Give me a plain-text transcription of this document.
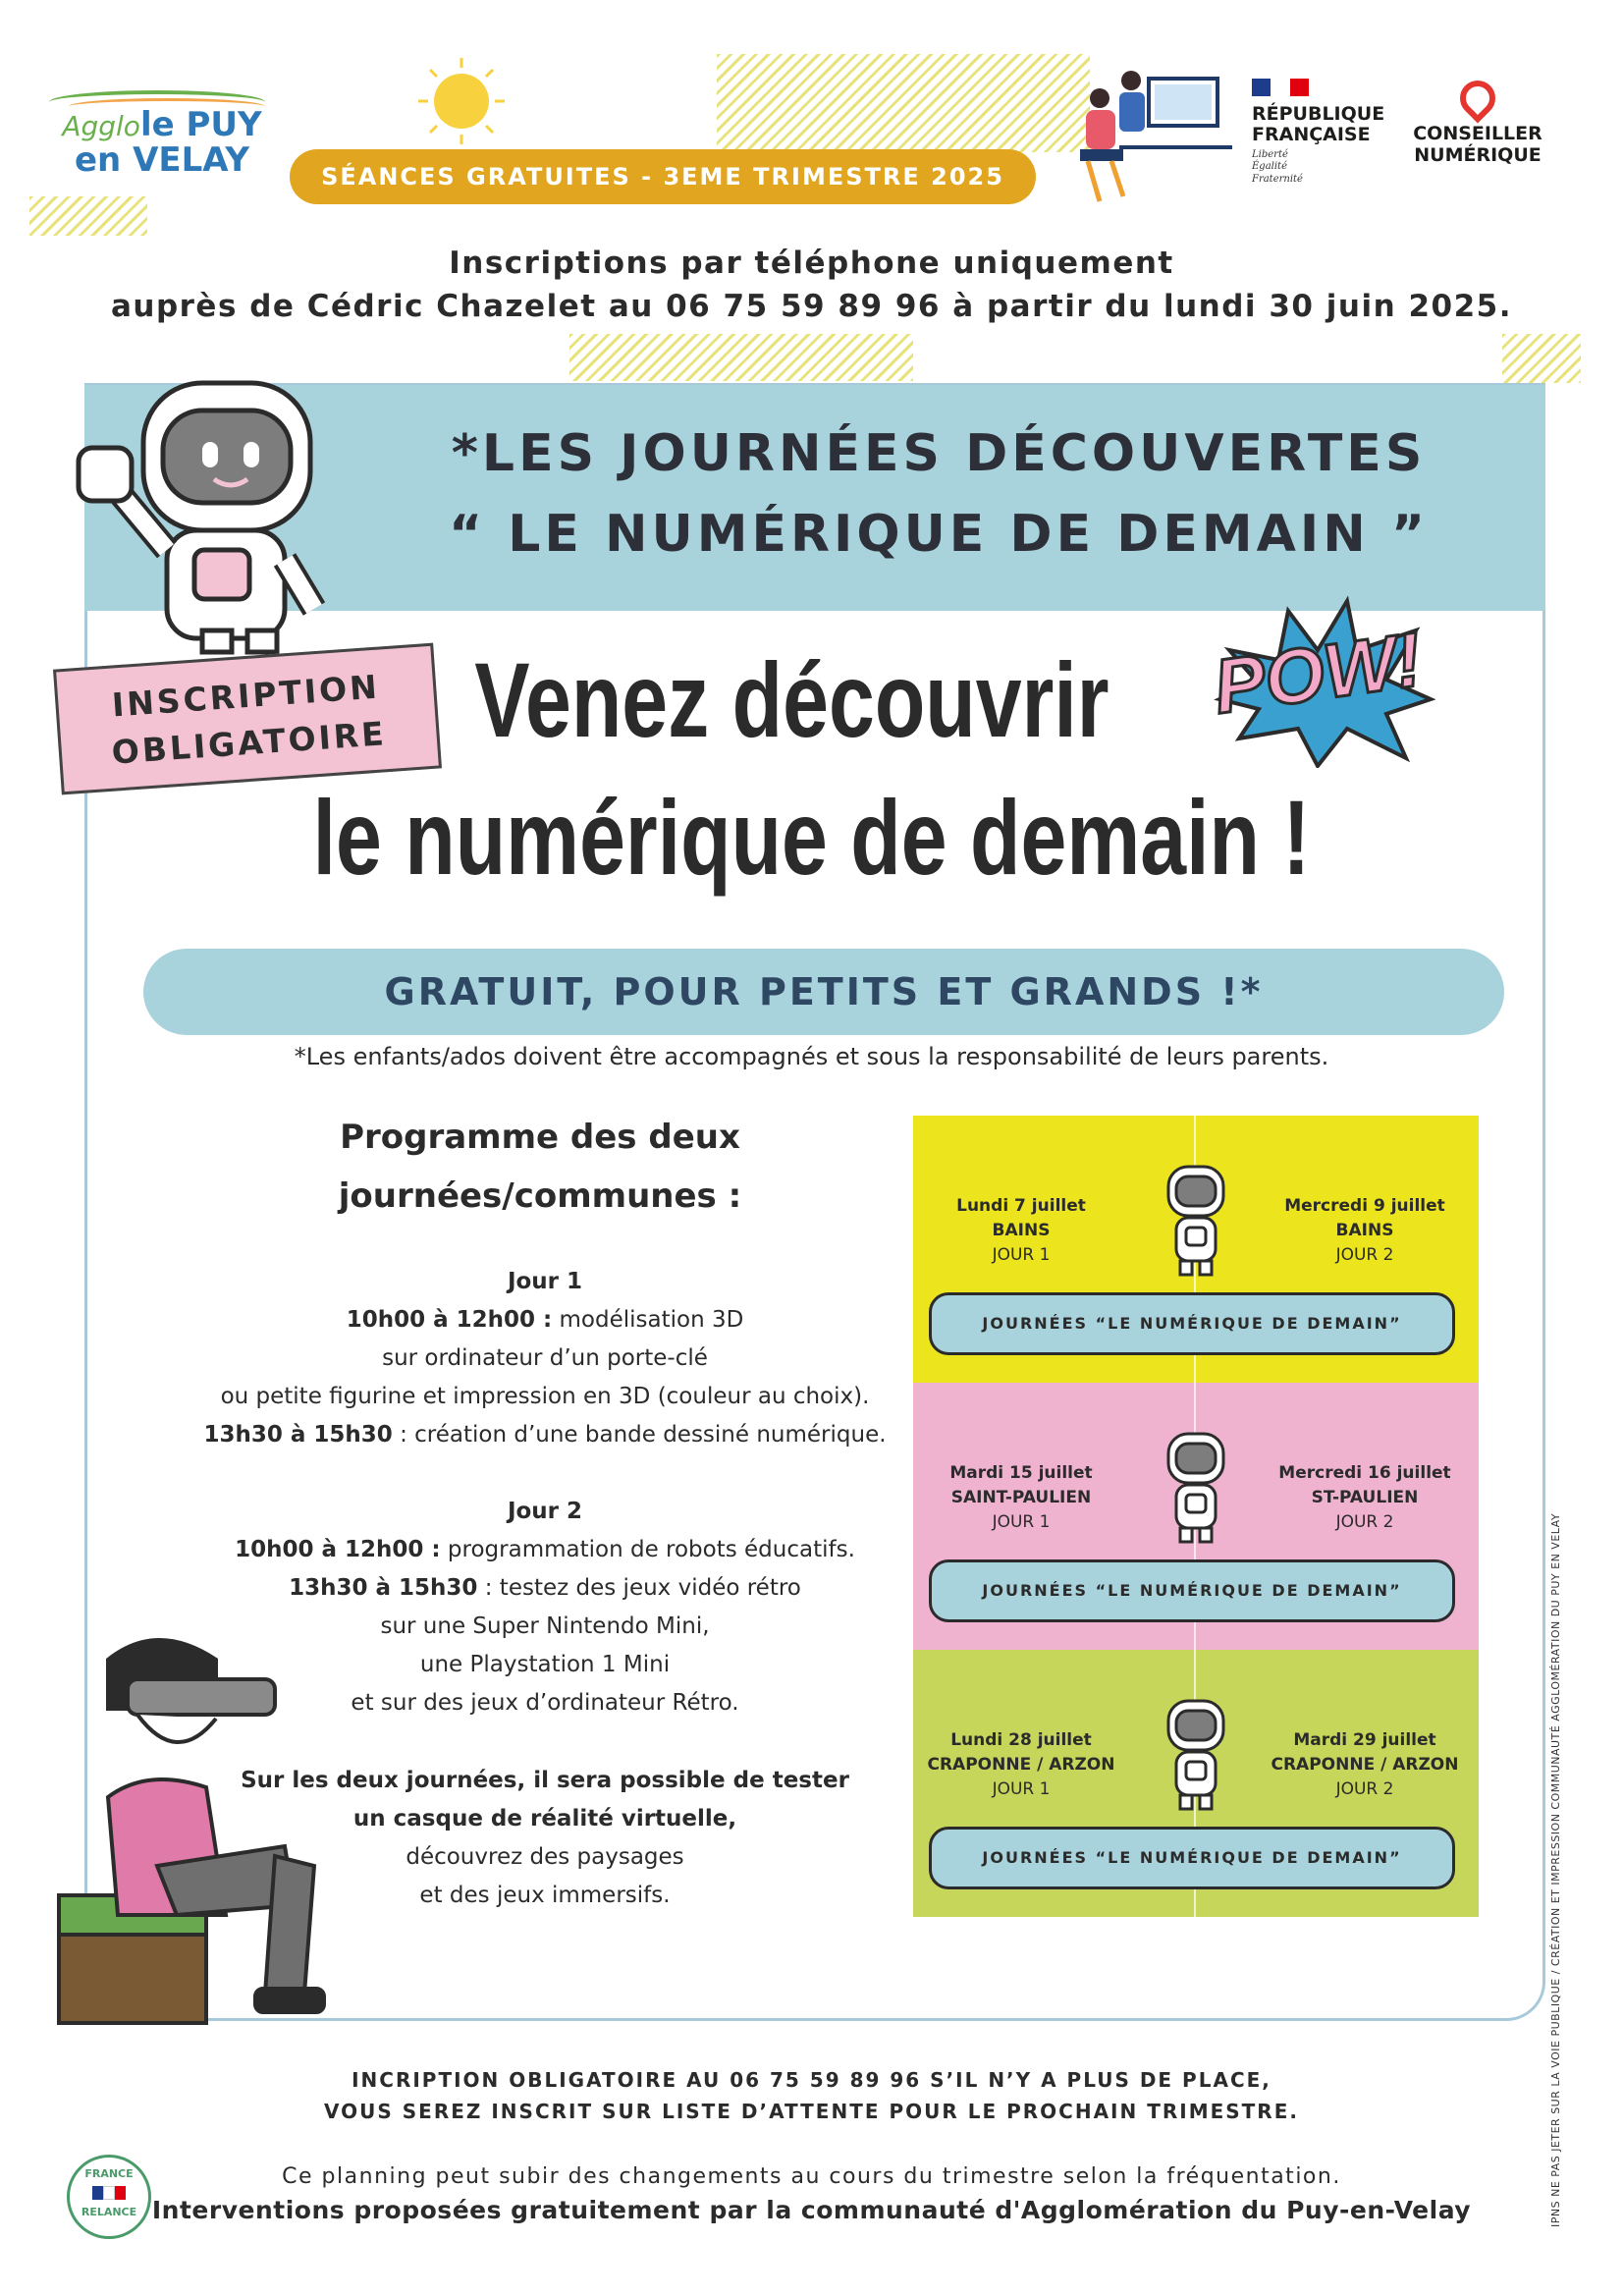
Agglole PUY
en VELAY	SÉANCES GRATUITES - 3EME TRIMESTRE 2025
RÉPUBLIQUE
FRANÇAISE
Liberté
Égalité
Fraternité
CONSEILLER
NUMÉRIQUE
Inscriptions par téléphone uniquement
auprès de Cédric Chazelet au 06 75 59 89 96 à partir du lundi 30 juin 2025.
*LES JOURNÉES DÉCOUVERTES
“ LE NUMÉRIQUE DE DEMAIN ”
INSCRIPTION
OBLIGATOIRE Venez découvrir
le numérique de demain !
POW!
GRATUIT, POUR PETITS ET GRANDS !*
*Les enfants/ados doivent être accompagnés et sous la responsabilité de leurs parents.
Programme des deux
journées/communes :
Jour 1
10h00 à 12h00 : modélisation 3D
sur ordinateur d’un porte-clé
ou petite figurine et impression en 3D (couleur au choix).
13h30 à 15h30 : création d’une bande dessiné numérique.
Jour 2
10h00 à 12h00 : programmation de robots éducatifs.
13h30 à 15h30 : testez des jeux vidéo rétro
sur une Super Nintendo Mini,
une Playstation 1 Mini
et sur des jeux d’ordinateur Rétro.
Sur les deux journées, il sera possible de tester
un casque de réalité virtuelle,
découvrez des paysages
et des jeux immersifs.
Lundi 7 juillet
BAINS
JOUR 1
Mercredi 9 juillet
BAINS
JOUR 2
JOURNÉES “LE NUMÉRIQUE DE DEMAIN”
Mardi 15 juillet
SAINT-PAULIEN
JOUR 1
Mercredi 16 juillet
ST-PAULIEN
JOUR 2
JOURNÉES “LE NUMÉRIQUE DE DEMAIN”
Lundi 28 juillet
CRAPONNE / ARZON
JOUR 1
Mardi 29 juillet
CRAPONNE / ARZON
JOUR 2
JOURNÉES “LE NUMÉRIQUE DE DEMAIN”
INCRIPTION OBLIGATOIRE AU 06 75 59 89 96 S’IL N’Y A PLUS DE PLACE,
VOUS SEREZ INSCRIT SUR LISTE D’ATTENTE POUR LE PROCHAIN TRIMESTRE.
FRANCE
RELANCE
Ce planning peut subir des changements au cours du trimestre selon la fréquentation.
Interventions proposées gratuitement par la communauté d'Agglomération du Puy-en-Velay	IPNS NE PAS JETER SUR LA VOIE PUBLIQUE / CRÉATION ET IMPRESSION COMMUNAUTÉ AGGLOMÉRATION DU PUY EN VELAY
